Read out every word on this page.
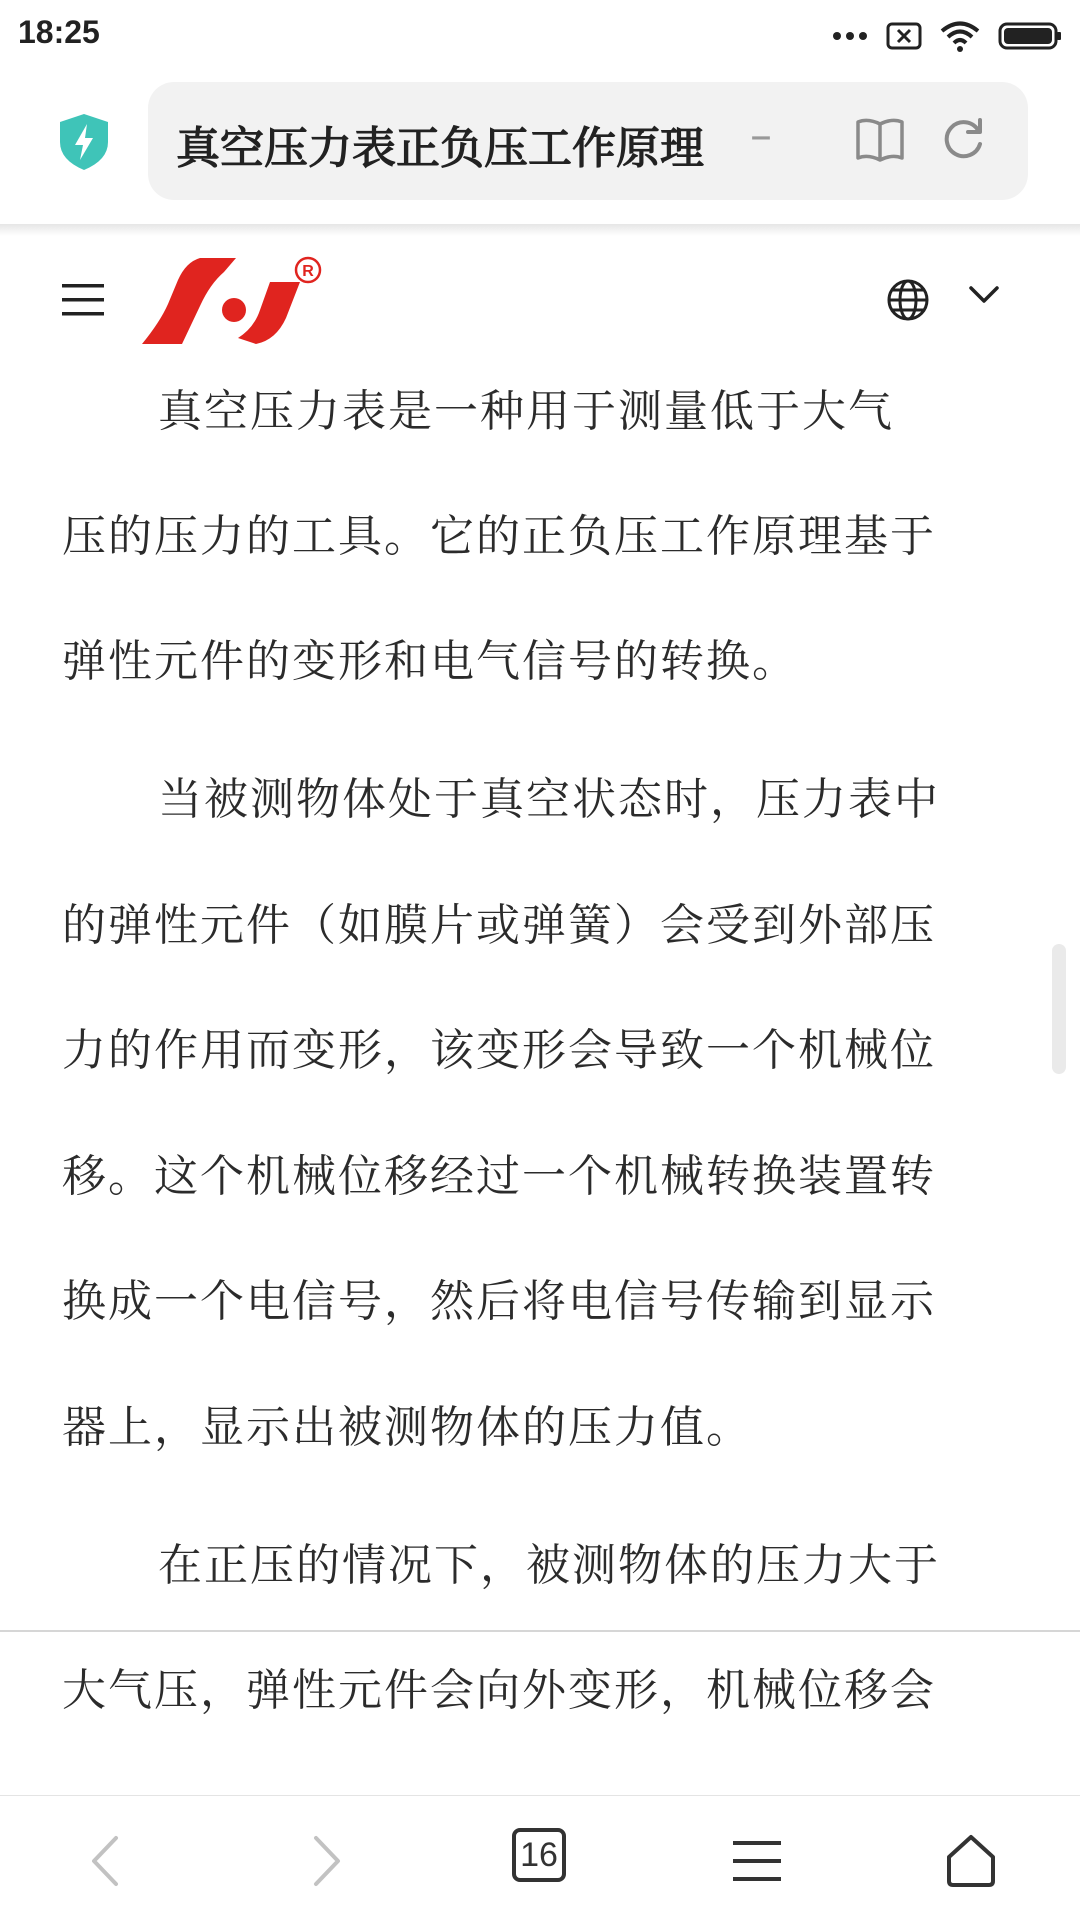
18:25
真空压力表正负压工作原理	–
R
真空压力表是一种用于测量低于大气
压的压力的工具。它的正负压工作原理基于
弹性元件的变形和电气信号的转换。
当被测物体处于真空状态时，压力表中
的弹性元件（如膜片或弹簧）会受到外部压
力的作用而变形，该变形会导致一个机械位
移。这个机械位移经过一个机械转换装置转
换成一个电信号，然后将电信号传输到显示
器上，显示出被测物体的压力值。
在正压的情况下，被测物体的压力大于
大气压，弹性元件会向外变形，机械位移会
16
